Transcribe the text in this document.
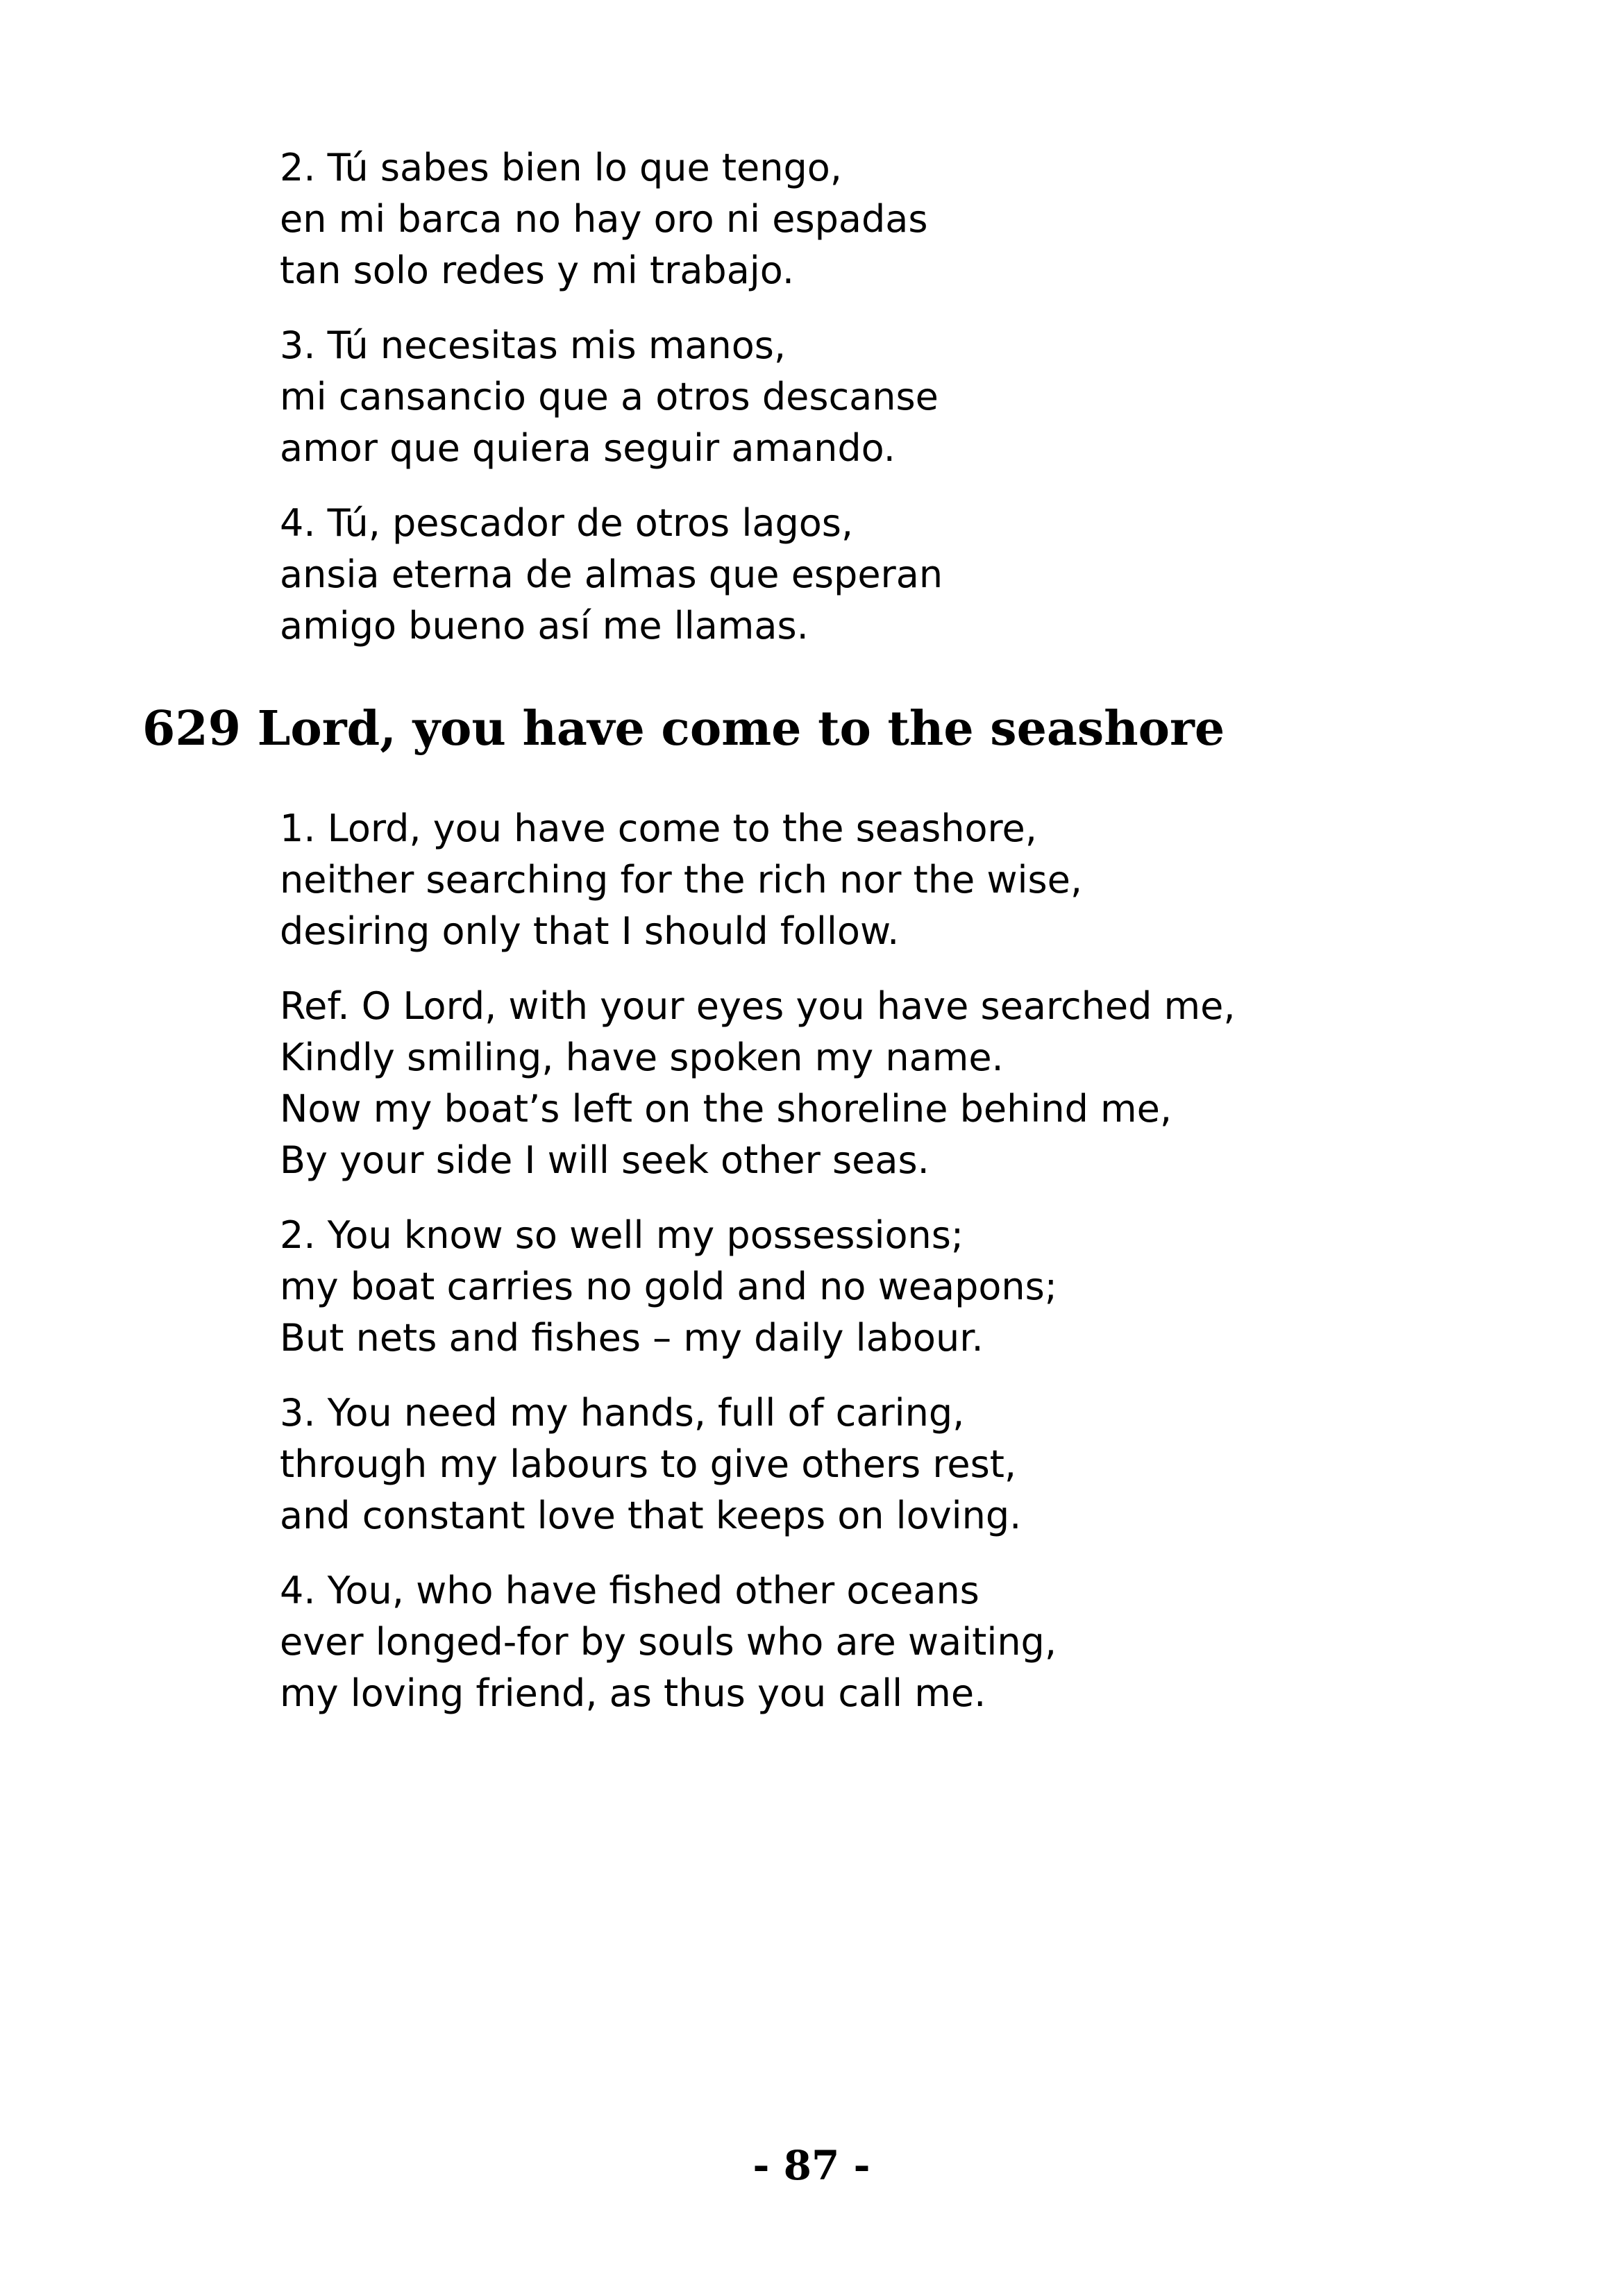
2. Tú sabes bien lo que tengo,
en mi barca no hay oro ni espadas
tan solo redes y mi trabajo.
3. Tú necesitas mis manos,
mi cansancio que a otros descanse
amor que quiera seguir amando.
4. Tú, pescador de otros lagos,
ansia eterna de almas que esperan
amigo bueno así me llamas.
629 Lord, you have come to the seashore
1. Lord, you have come to the seashore,
neither searching for the rich nor the wise,
desiring only that I should follow.
Ref. O Lord, with your eyes you have searched me,
Kindly smiling, have spoken my name.
Now my boat’s left on the shoreline behind me,
By your side I will seek other seas.
2. You know so well my possessions;
my boat carries no gold and no weapons;
But nets and fishes – my daily labour.
3. You need my hands, full of caring,
through my labours to give others rest,
and constant love that keeps on loving.
4. You, who have fished other oceans
ever longed-for by souls who are waiting,
my loving friend, as thus you call me.
- 87 -
